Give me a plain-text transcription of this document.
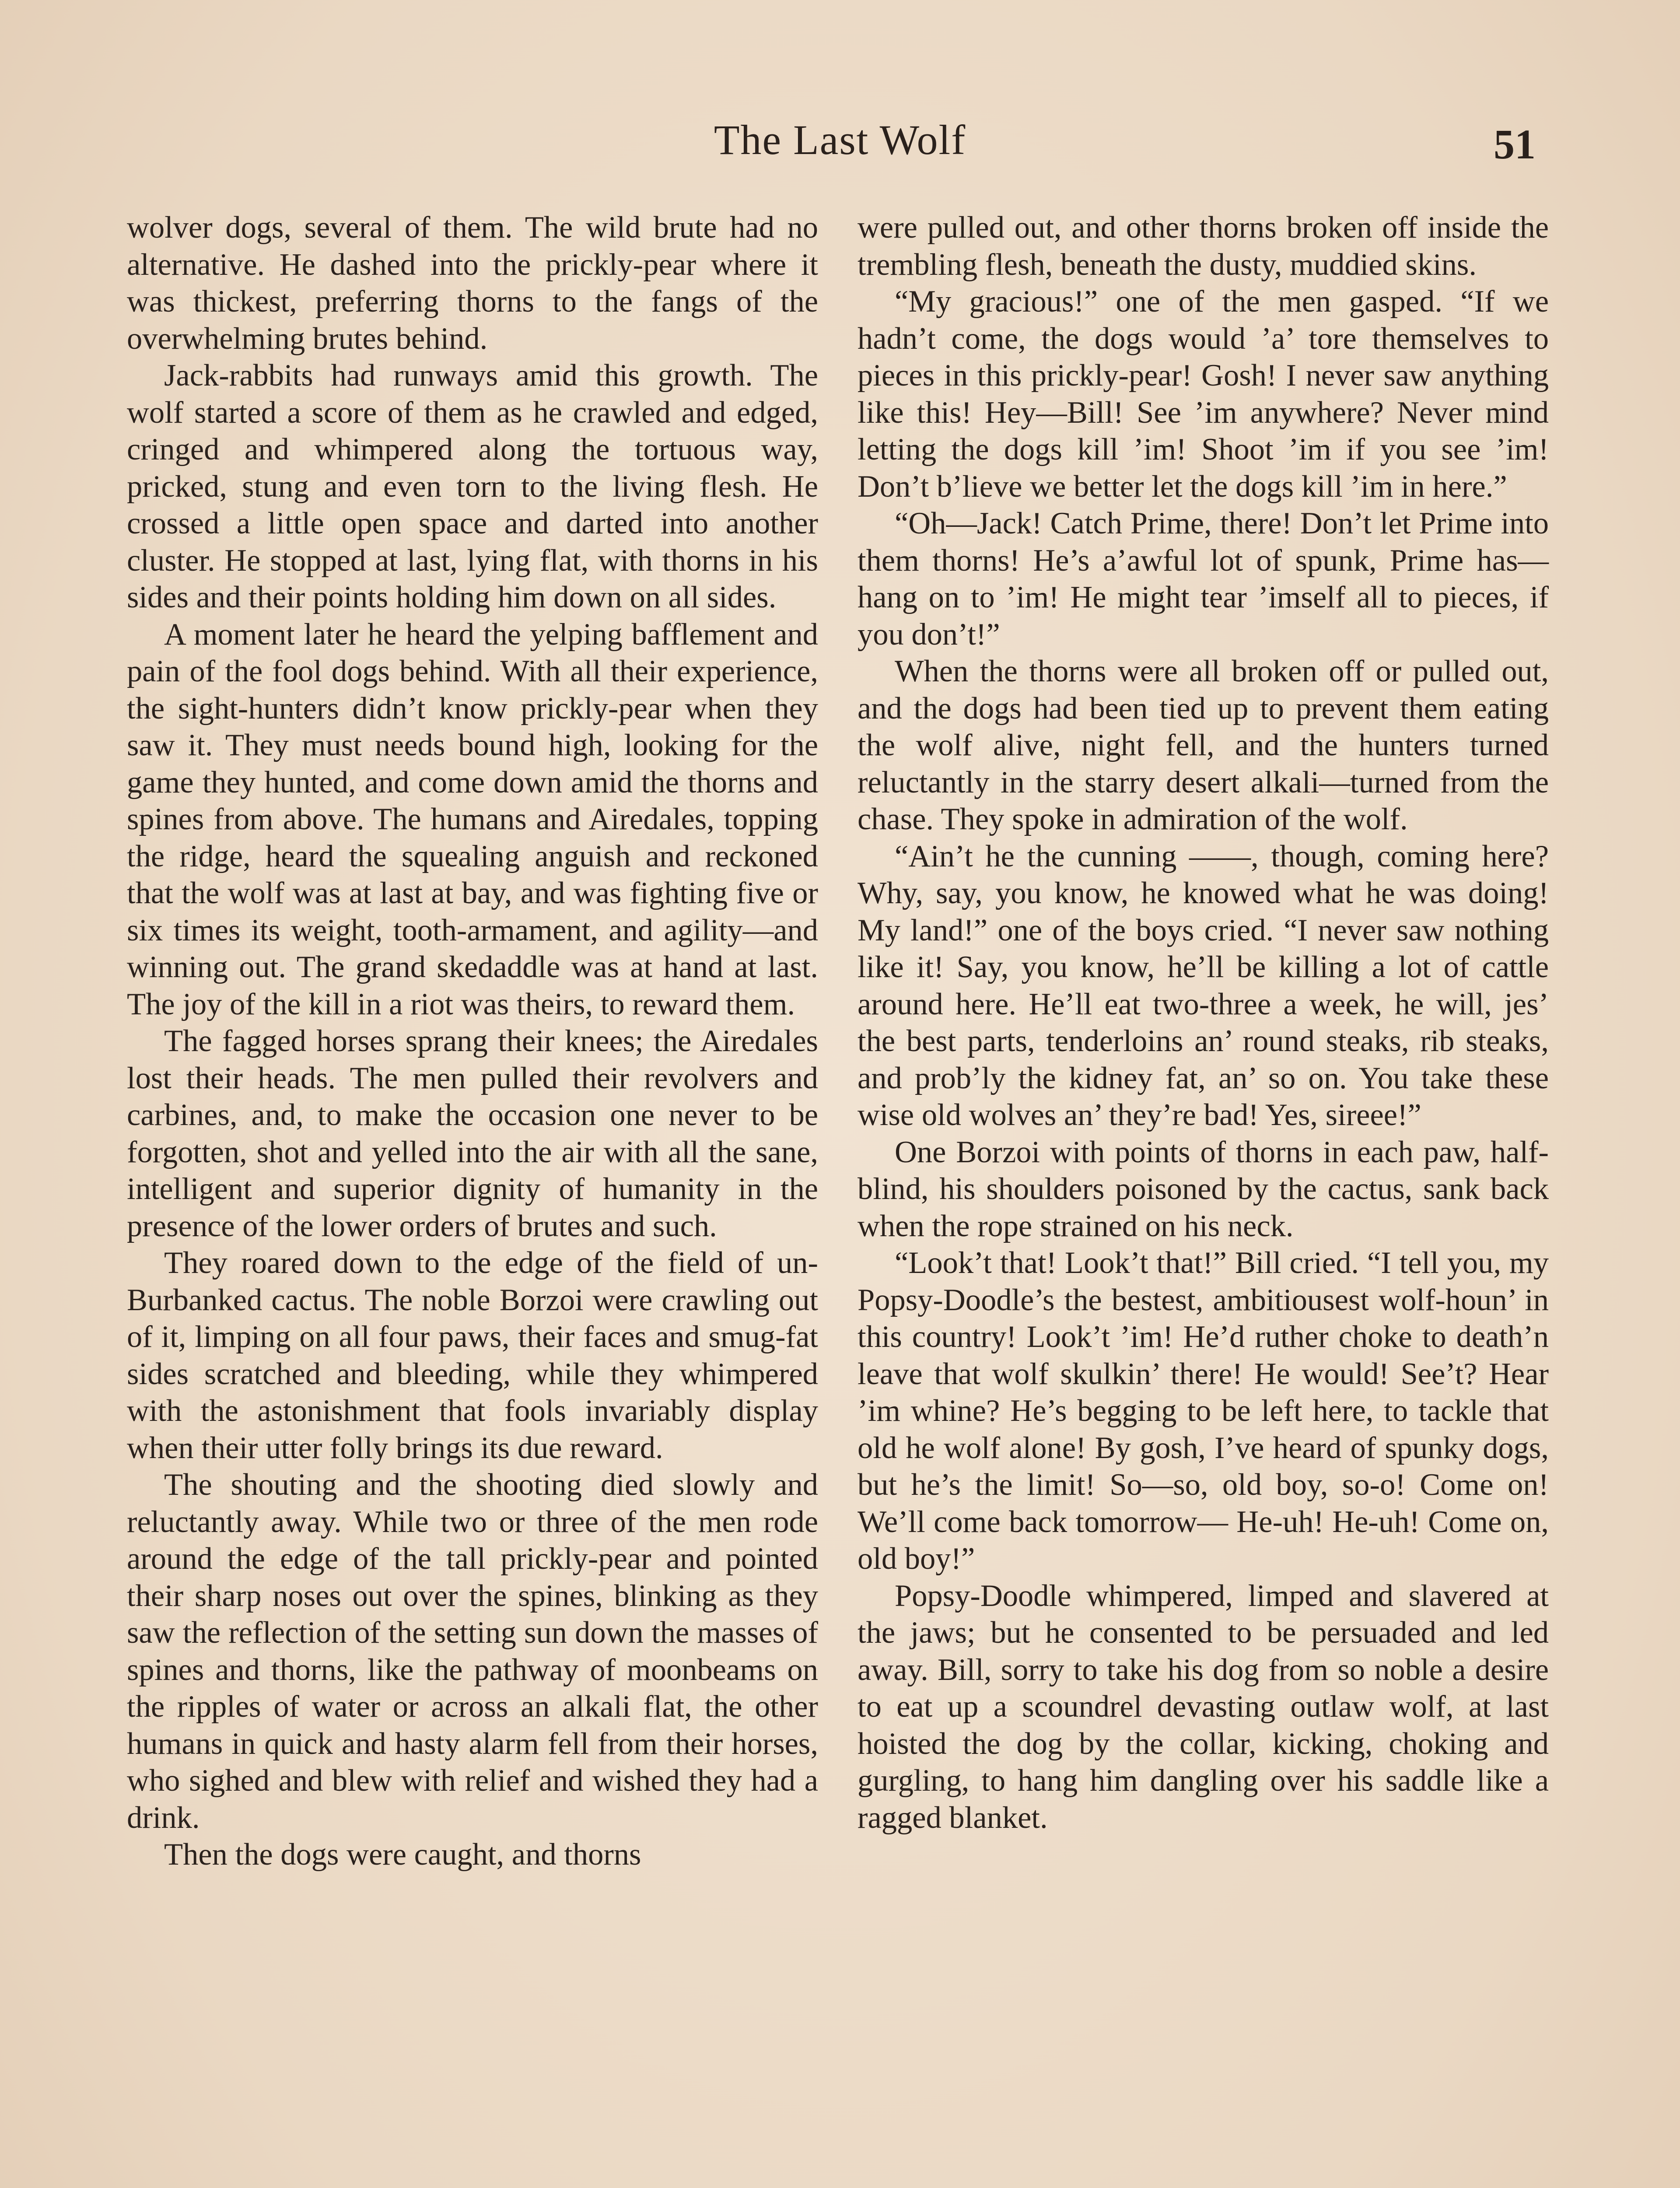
The Last Wolf	51

wolver dogs, several of them. The wild brute had no alternative. He dashed into the prickly-pear where it was thickest, preferring thorns to the fangs of the overwhelming brutes behind.

Jack-rabbits had runways amid this growth. The wolf started a score of them as he crawled and edged, cringed and whimpered along the tortuous way, pricked, stung and even torn to the living flesh. He crossed a little open space and darted into another cluster. He stopped at last, lying flat, with thorns in his sides and their points holding him down on all sides.

A moment later he heard the yelping bafflement and pain of the fool dogs behind. With all their experience, the sight-hunters didn’t know prickly-pear when they saw it. They must needs bound high, looking for the game they hunted, and come down amid the thorns and spines from above. The humans and Airedales, topping the ridge, heard the squealing anguish and reckoned that the wolf was at last at bay, and was fighting five or six times its weight, tooth-armament, and agility—and winning out. The grand skedaddle was at hand at last. The joy of the kill in a riot was theirs, to reward them.

The fagged horses sprang their knees; the Airedales lost their heads. The men pulled their revolvers and carbines, and, to make the occasion one never to be forgotten, shot and yelled into the air with all the sane, intelligent and superior dignity of humanity in the presence of the lower orders of brutes and such.

They roared down to the edge of the field of un-Burbanked cactus. The noble Borzoi were crawling out of it, limping on all four paws, their faces and smug-fat sides scratched and bleeding, while they whimpered with the astonishment that fools invariably display when their utter folly brings its due reward.

The shouting and the shooting died slowly and reluctantly away. While two or three of the men rode around the edge of the tall prickly-pear and pointed their sharp noses out over the spines, blinking as they saw the reflection of the setting sun down the masses of spines and thorns, like the pathway of moonbeams on the ripples of water or across an alkali flat, the other humans in quick and hasty alarm fell from their horses, who sighed and blew with relief and wished they had a drink.

Then the dogs were caught, and thorns

were pulled out, and other thorns broken off inside the trembling flesh, beneath the dusty, muddied skins.

“My gracious!” one of the men gasped. “If we hadn’t come, the dogs would ’a’ tore themselves to pieces in this prickly-pear! Gosh! I never saw anything like this! Hey—Bill! See ’im anywhere? Never mind letting the dogs kill ’im! Shoot ’im if you see ’im! Don’t b’lieve we better let the dogs kill ’im in here.”

“Oh—Jack! Catch Prime, there! Don’t let Prime into them thorns! He’s a’awful lot of spunk, Prime has—hang on to ’im! He might tear ’imself all to pieces, if you don’t!”

When the thorns were all broken off or pulled out, and the dogs had been tied up to prevent them eating the wolf alive, night fell, and the hunters turned reluctantly in the starry desert alkali—turned from the chase. They spoke in admiration of the wolf.

“Ain’t he the cunning ——, though, coming here? Why, say, you know, he knowed what he was doing! My land!” one of the boys cried. “I never saw nothing like it! Say, you know, he’ll be killing a lot of cattle around here. He’ll eat two-three a week, he will, jes’ the best parts, tenderloins an’ round steaks, rib steaks, and prob’ly the kidney fat, an’ so on. You take these wise old wolves an’ they’re bad! Yes, sireee!”

One Borzoi with points of thorns in each paw, half-blind, his shoulders poisoned by the cactus, sank back when the rope strained on his neck.

“Look’t that! Look’t that!” Bill cried. “I tell you, my Popsy-Doodle’s the bestest, ambitiousest wolf-houn’ in this country! Look’t ’im! He’d ruther choke to death’n leave that wolf skulkin’ there! He would! See’t? Hear ’im whine? He’s begging to be left here, to tackle that old he wolf alone! By gosh, I’ve heard of spunky dogs, but he’s the limit! So—so, old boy, so-o! Come on! We’ll come back tomorrow— He-uh! He-uh! Come on, old boy!”

Popsy-Doodle whimpered, limped and slavered at the jaws; but he consented to be persuaded and led away. Bill, sorry to take his dog from so noble a desire to eat up a scoundrel devasting outlaw wolf, at last hoisted the dog by the collar, kicking, choking and gurgling, to hang him dangling over his saddle like a ragged blanket.
